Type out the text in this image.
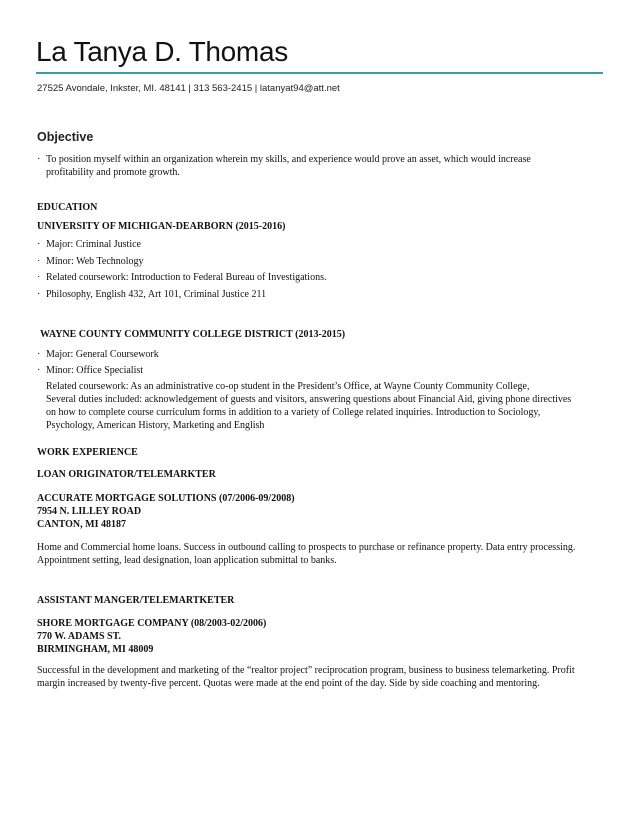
La Tanya D. Thomas
27525 Avondale, Inkster, MI. 48141 | 313 563-2415 | latanyat94@att.net
Objective
· To position myself within an organization wherein my skills, and experience would prove an asset, which would increase
profitability and promote growth.
EDUCATION
UNIVERSITY OF MICHIGAN-DEARBORN (2015-2016)
· Major: Criminal Justice
· Minor: Web Technology
· Related coursework: Introduction to Federal Bureau of Investigations.
· Philosophy, English 432, Art 101, Criminal Justice 211
WAYNE COUNTY COMMUNITY COLLEGE DISTRICT (2013-2015)
· Major: General Coursework
· Minor: Office Specialist
Related coursework: As an administrative co-op student in the President’s Office, at Wayne County Community College,
Several duties included: acknowledgement of guests and visitors, answering questions about Financial Aid, giving phone directives
on how to complete course curriculum forms in addition to a variety of College related inquiries. Introduction to Sociology,
Psychology, American History, Marketing and English
WORK EXPERIENCE
LOAN ORIGINATOR/TELEMARKTER
ACCURATE MORTGAGE SOLUTIONS (07/2006-09/2008)
7954 N. LILLEY ROAD
CANTON, MI 48187
Home and Commercial home loans. Success in outbound calling to prospects to purchase or refinance property. Data entry processing.
Appointment setting, lead designation, loan application submittal to banks.
ASSISTANT MANGER/TELEMARTKETER
SHORE MORTGAGE COMPANY (08/2003-02/2006)
770 W. ADAMS ST.
BIRMINGHAM, MI 48009
Successful in the development and marketing of the “realtor project” reciprocation program, business to business telemarketing. Profit
margin increased by twenty-five percent. Quotas were made at the end point of the day. Side by side coaching and mentoring.
